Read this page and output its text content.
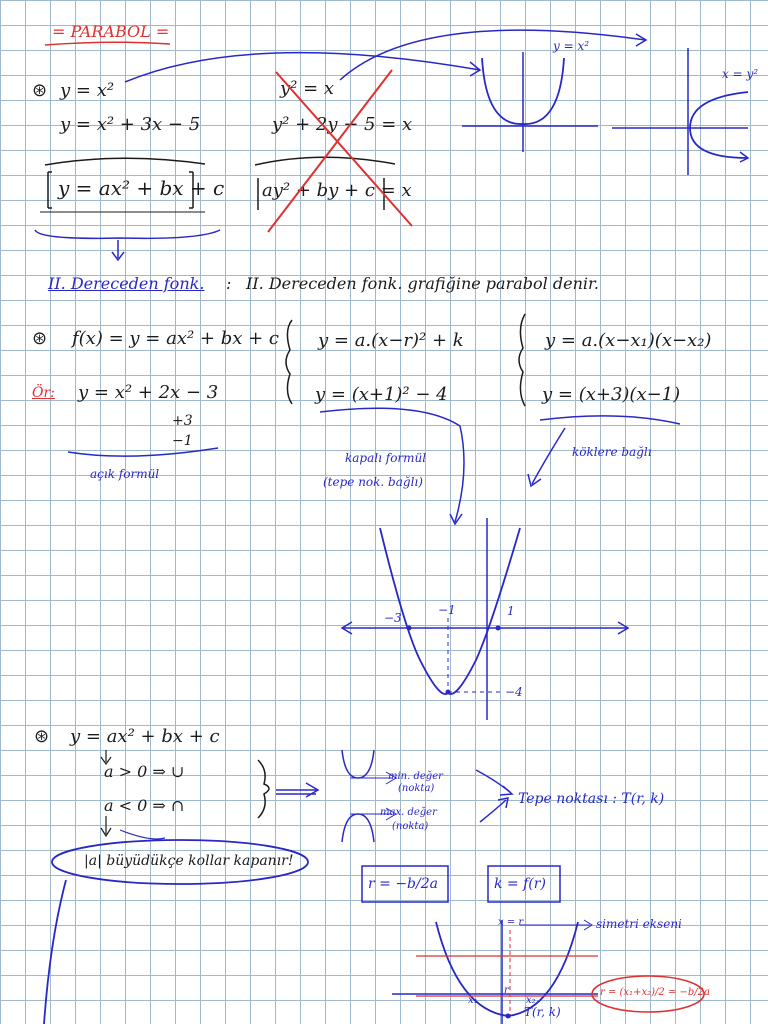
= PARABOL =
⊛ y = x²
y = x² + 3x − 5
y = ax² + bx + c
y² = x
y² + 2y − 5 = x
ay² + by + c = x
y = x²
x = y²
II. Dereceden fonk. : II. Dereceden fonk. grafiğine parabol denir.
⊛ f(x) = y = ax² + bx + c y = a.(x−r)² + k	y = a.(x−x₁)(x−x₂)
Ör: y = x² + 2x − 3
+3
−1
y = (x+1)² − 4	y = (x+3)(x−1)
açık formül
kapalı formül
(tepe nok. bağlı)
köklere bağlı
−3
−1	1
−4
⊛ y = ax² + bx + c
a > 0 ⇒ ∪
a < 0 ⇒ ∩
min. değer
(nokta)
max. değer
(nokta)
Tepe noktası : T(r, k)
|a| büyüdükçe kollar kapanır!
r = −b/2a	k = f(r)
simetri ekseni
x = r
x₁	x₂
r
T(r, k)
r = (x₁+x₂)/2 = −b/2a
